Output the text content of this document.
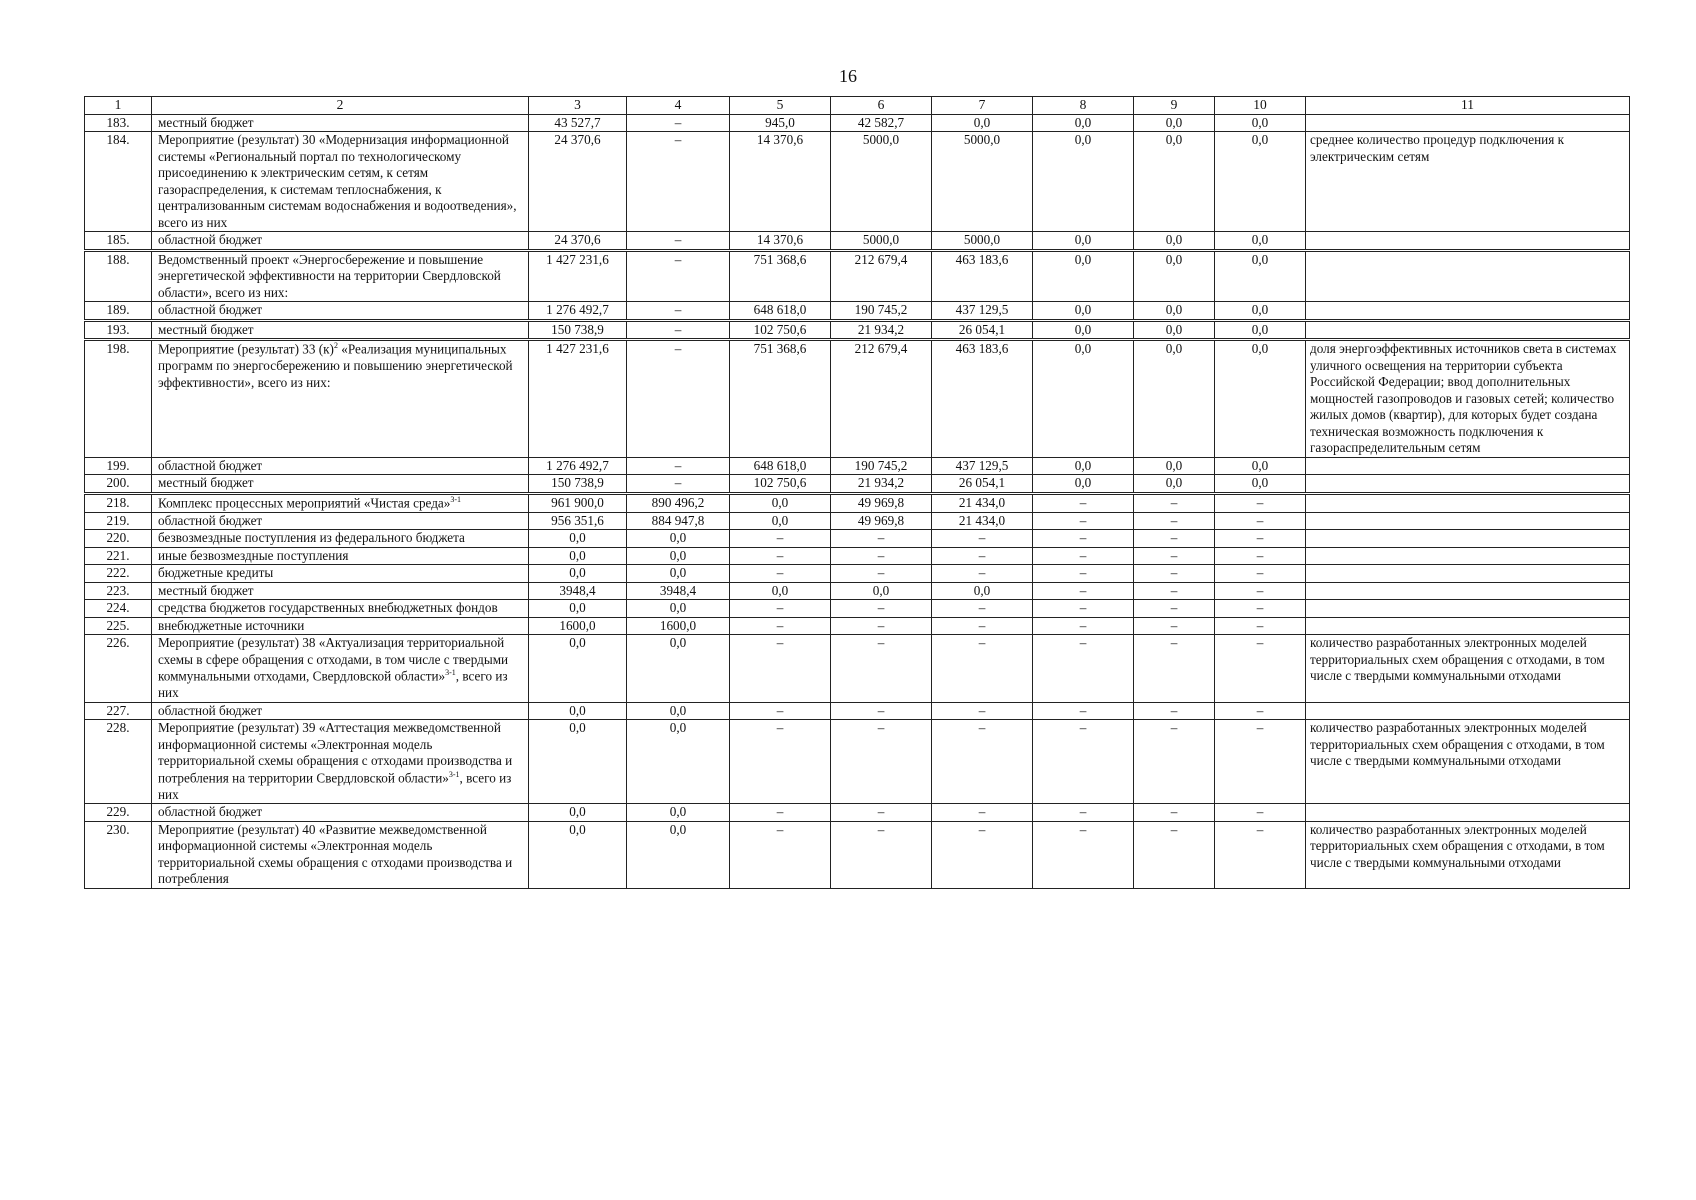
16
1	2	3	4	5	6	7	8	9	10	11
183.	местный бюджет	43 527,7	–	945,0	42 582,7	0,0	0,0	0,0	0,0	
184.	Мероприятие (результат) 30 «Модернизация информационной системы «Региональный портал по технологическому присоединению к электрическим сетям, к сетям газораспределения, к системам теплоснабжения, к централизованным системам водоснабжения и водоотведения», всего из них	24 370,6	–	14 370,6	5000,0	5000,0	0,0	0,0	0,0	среднее количество процедур подключения к электрическим сетям
185.	областной бюджет	24 370,6	–	14 370,6	5000,0	5000,0	0,0	0,0	0,0	
188.	Ведомственный проект «Энергосбережение и повышение энергетической эффективности на территории Свердловской области», всего из них:	1 427 231,6	–	751 368,6	212 679,4	463 183,6	0,0	0,0	0,0	
189.	областной бюджет	1 276 492,7	–	648 618,0	190 745,2	437 129,5	0,0	0,0	0,0	
193.	местный бюджет	150 738,9	–	102 750,6	21 934,2	26 054,1	0,0	0,0	0,0	
198.	Мероприятие (результат) 33 $(к)^2$ «Реализация муниципальных программ по энергосбережению и повышению энергетической эффективности», всего из них:	1 427 231,6	–	751 368,6	212 679,4	463 183,6	0,0	0,0	0,0	доля энергоэффективных источников света в системах уличного освещения на территории субъекта Российской Федерации; ввод дополнительных мощностей газопроводов и газовых сетей; количество жилых домов (квартир), для которых будет создана техническая возможность подключения к газораспределительным сетям
199.	областной бюджет	1 276 492,7	–	648 618,0	190 745,2	437 129,5	0,0	0,0	0,0	
200.	местный бюджет	150 738,9	–	102 750,6	21 934,2	26 054,1	0,0	0,0	0,0	
218.	Комплекс процессных мероприятий «Чистая среда»$^{3-1}$	961 900,0	890 496,2	0,0	49 969,8	21 434,0	–	–	–	
219.	областной бюджет	956 351,6	884 947,8	0,0	49 969,8	21 434,0	–	–	–	
220.	безвозмездные поступления из федерального бюджета	0,0	0,0	–	–	–	–	–	–	
221.	иные безвозмездные поступления	0,0	0,0	–	–	–	–	–	–	
222.	бюджетные кредиты	0,0	0,0	–	–	–	–	–	–	
223.	местный бюджет	3948,4	3948,4	0,0	0,0	0,0	–	–	–	
224.	средства бюджетов государственных внебюджетных фондов	0,0	0,0	–	–	–	–	–	–	
225.	внебюджетные источники	1600,0	1600,0	–	–	–	–	–	–	
226.	Мероприятие (результат) 38 «Актуализация территориальной схемы в сфере обращения с отходами, в том числе с твердыми коммунальными отходами, Свердловской области»$^{3-1}$, всего из них	0,0	0,0	–	–	–	–	–	–	количество разработанных электронных моделей территориальных схем обращения с отходами, в том числе с твердыми коммунальными отходами
227.	областной бюджет	0,0	0,0	–	–	–	–	–	–	
228.	Мероприятие (результат) 39 «Аттестация межведомственной информационной системы «Электронная модель территориальной схемы обращения с отходами производства и потребления на территории Свердловской области»$^{3-1}$, всего из них	0,0	0,0	–	–	–	–	–	–	количество разработанных электронных моделей территориальных схем обращения с отходами, в том числе с твердыми коммунальными отходами
229.	областной бюджет	0,0	0,0	–	–	–	–	–	–	
230.	Мероприятие (результат) 40 «Развитие межведомственной информационной системы «Электронная модель территориальной схемы обращения с отходами производства и потребления	0,0	0,0	–	–	–	–	–	–	количество разработанных электронных моделей территориальных схем обращения с отходами, в том числе с твердыми коммунальными отходами
